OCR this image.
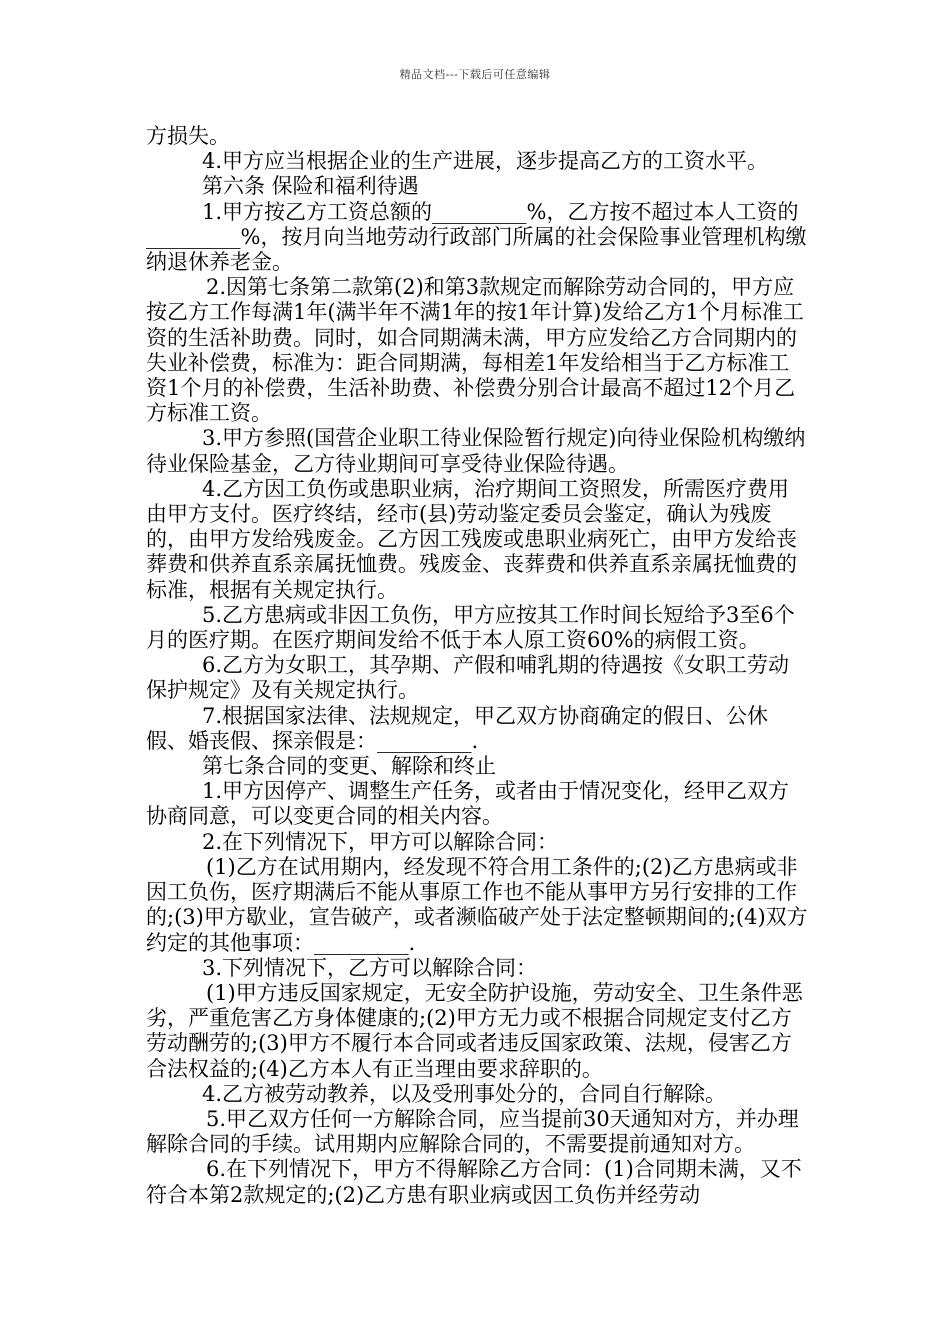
精品文档---下载后可任意编辑

方损失。

4.甲方应当根据企业的生产进展，逐步提高乙方的工资水平。

第六条 保险和福利待遇

1.甲方按乙方工资总额的_________%，乙方按不超过本人工资的_________%，按月向当地劳动行政部门所属的社会保险事业管理机构缴纳退休养老金。

2.因第七条第二款第(2)和第3款规定而解除劳动合同的，甲方应按乙方工作每满1年(满半年不满1年的按1年计算)发给乙方1个月标准工资的生活补助费。同时，如合同期满未满，甲方应发给乙方合同期内的失业补偿费，标准为：距合同期满，每相差1年发给相当于乙方标准工资1个月的补偿费，生活补助费、补偿费分别合计最高不超过12个月乙方标准工资。

3.甲方参照(国营企业职工待业保险暂行规定)向待业保险机构缴纳待业保险基金，乙方待业期间可享受待业保险待遇。

4.乙方因工负伤或患职业病，治疗期间工资照发，所需医疗费用由甲方支付。医疗终结，经市(县)劳动鉴定委员会鉴定，确认为残废的，由甲方发给残废金。乙方因工残废或患职业病死亡，由甲方发给丧葬费和供养直系亲属抚恤费。残废金、丧葬费和供养直系亲属抚恤费的标准，根据有关规定执行。

5.乙方患病或非因工负伤，甲方应按其工作时间长短给予3至6个月的医疗期。在医疗期间发给不低于本人原工资60%的病假工资。

6.乙方为女职工，其孕期、产假和哺乳期的待遇按《女职工劳动保护规定》及有关规定执行。

7.根据国家法律、法规规定，甲乙双方协商确定的假日、公休假、婚丧假、探亲假是：_________.

第七条合同的变更、解除和终止

1.甲方因停产、调整生产任务，或者由于情况变化，经甲乙双方协商同意，可以变更合同的相关内容。

2.在下列情况下，甲方可以解除合同：

(1)乙方在试用期内，经发现不符合用工条件的;(2)乙方患病或非因工负伤，医疗期满后不能从事原工作也不能从事甲方另行安排的工作的;(3)甲方歇业，宣告破产，或者濒临破产处于法定整顿期间的;(4)双方约定的其他事项：_________.

3.下列情况下，乙方可以解除合同：

(1)甲方违反国家规定，无安全防护设施，劳动安全、卫生条件恶劣，严重危害乙方身体健康的;(2)甲方无力或不根据合同规定支付乙方劳动酬劳的;(3)甲方不履行本合同或者违反国家政策、法规，侵害乙方合法权益的;(4)乙方本人有正当理由要求辞职的。

4.乙方被劳动教养，以及受刑事处分的，合同自行解除。

5.甲乙双方任何一方解除合同，应当提前30天通知对方，并办理解除合同的手续。试用期内应解除合同的，不需要提前通知对方。

6.在下列情况下，甲方不得解除乙方合同：(1)合同期未满，又不符合本第2款规定的;(2)乙方患有职业病或因工负伤并经劳动
